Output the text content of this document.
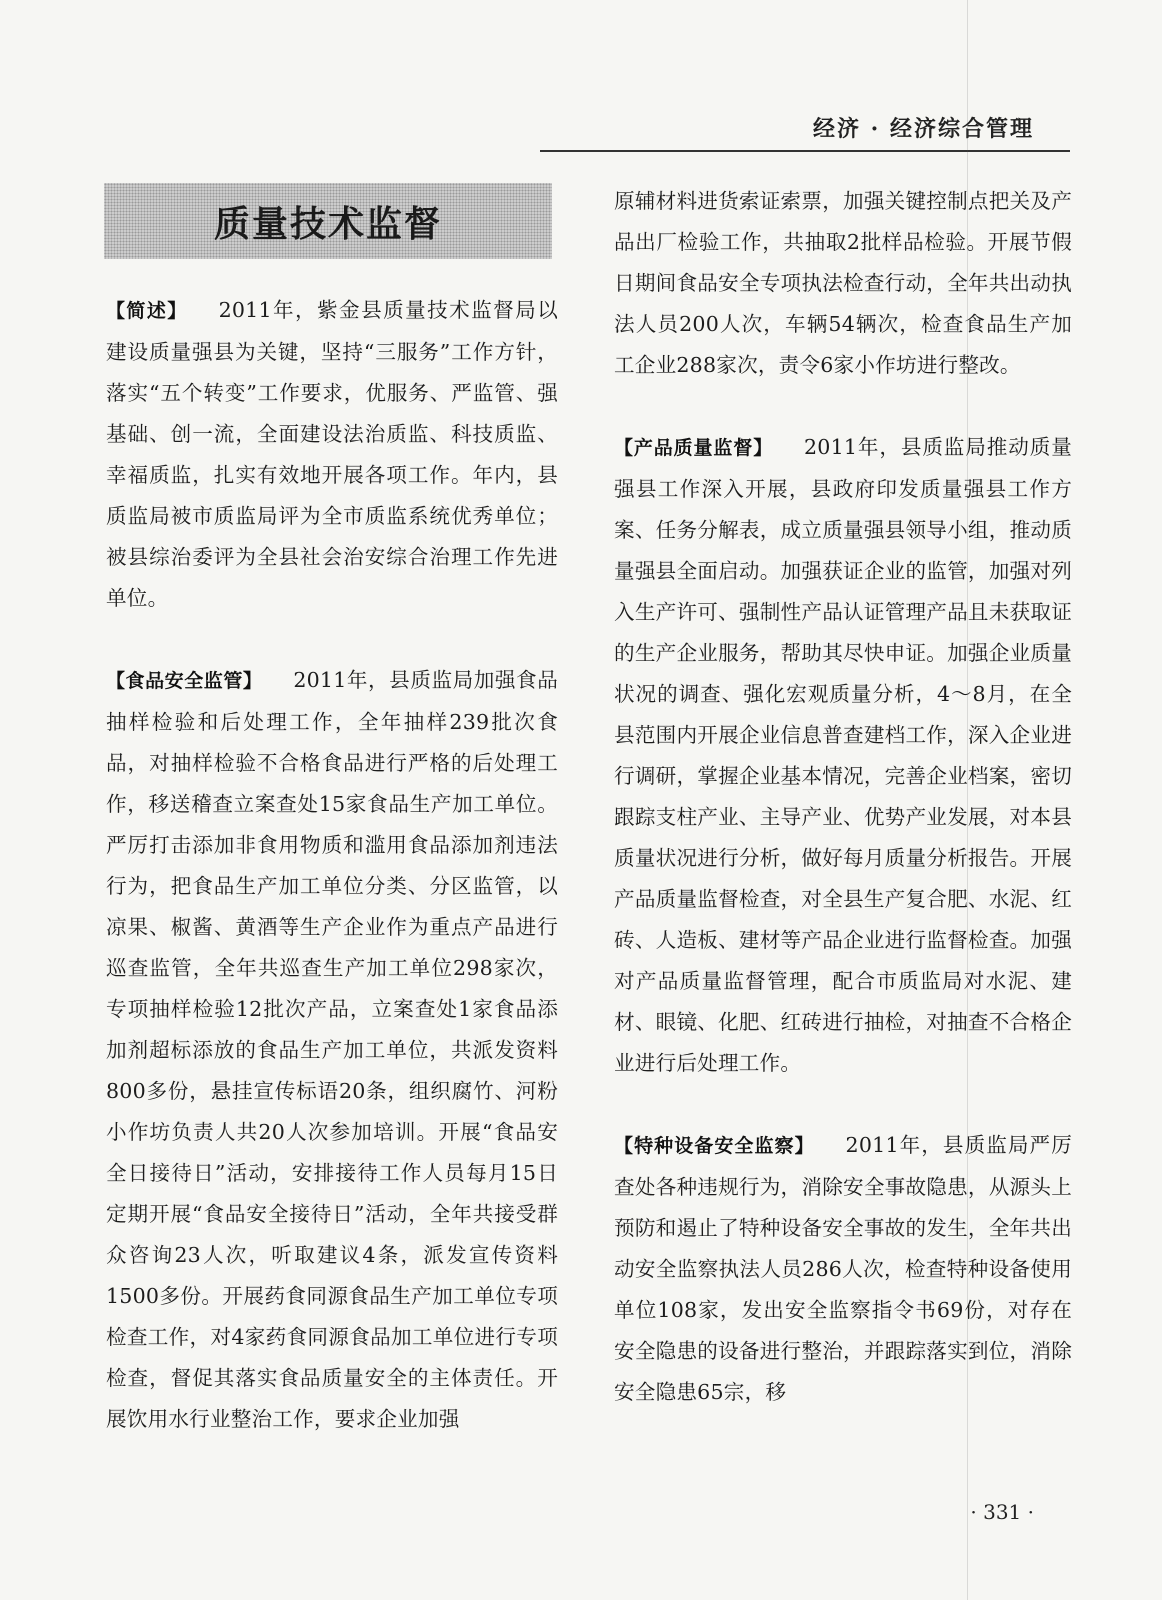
经济 · 经济综合管理
质量技术监督

【简述】 2011年，紫金县质量技术监督局以建设质量强县为关键，坚持“三服务”工作方针，落实“五个转变”工作要求，优服务、严监管、强基础、创一流，全面建设法治质监、科技质监、幸福质监，扎实有效地开展各项工作。年内，县质监局被市质监局评为全市质监系统优秀单位；被县综治委评为全县社会治安综合治理工作先进单位。

【食品安全监管】 2011年，县质监局加强食品抽样检验和后处理工作，全年抽样239批次食品，对抽样检验不合格食品进行严格的后处理工作，移送稽查立案查处15家食品生产加工单位。严厉打击添加非食用物质和滥用食品添加剂违法行为，把食品生产加工单位分类、分区监管，以凉果、椒酱、黄酒等生产企业作为重点产品进行巡查监管，全年共巡查生产加工单位298家次，专项抽样检验12批次产品，立案查处1家食品添加剂超标添放的食品生产加工单位，共派发资料800多份，悬挂宣传标语20条，组织腐竹、河粉小作坊负责人共20人次参加培训。开展“食品安全日接待日”活动，安排接待工作人员每月15日定期开展“食品安全接待日”活动，全年共接受群众咨询23人次，听取建议4条，派发宣传资料1500多份。开展药食同源食品生产加工单位专项检查工作，对4家药食同源食品加工单位进行专项检查，督促其落实食品质量安全的主体责任。开展饮用水行业整治工作，要求企业加强

原辅材料进货索证索票，加强关键控制点把关及产品出厂检验工作，共抽取2批样品检验。开展节假日期间食品安全专项执法检查行动，全年共出动执法人员200人次，车辆54辆次，检查食品生产加工企业288家次，责令6家小作坊进行整改。

【产品质量监督】 2011年，县质监局推动质量强县工作深入开展，县政府印发质量强县工作方案、任务分解表，成立质量强县领导小组，推动质量强县全面启动。加强获证企业的监管，加强对列入生产许可、强制性产品认证管理产品且未获取证的生产企业服务，帮助其尽快申证。加强企业质量状况的调查、强化宏观质量分析，4～8月，在全县范围内开展企业信息普查建档工作，深入企业进行调研，掌握企业基本情况，完善企业档案，密切跟踪支柱产业、主导产业、优势产业发展，对本县质量状况进行分析，做好每月质量分析报告。开展产品质量监督检查，对全县生产复合肥、水泥、红砖、人造板、建材等产品企业进行监督检查。加强对产品质量监督管理，配合市质监局对水泥、建材、眼镜、化肥、红砖进行抽检，对抽查不合格企业进行后处理工作。

【特种设备安全监察】 2011年，县质监局严厉查处各种违规行为，消除安全事故隐患，从源头上预防和遏止了特种设备安全事故的发生，全年共出动安全监察执法人员286人次，检查特种设备使用单位108家，发出安全监察指令书69份，对存在安全隐患的设备进行整治，并跟踪落实到位，消除安全隐患65宗，移

· 331 ·
